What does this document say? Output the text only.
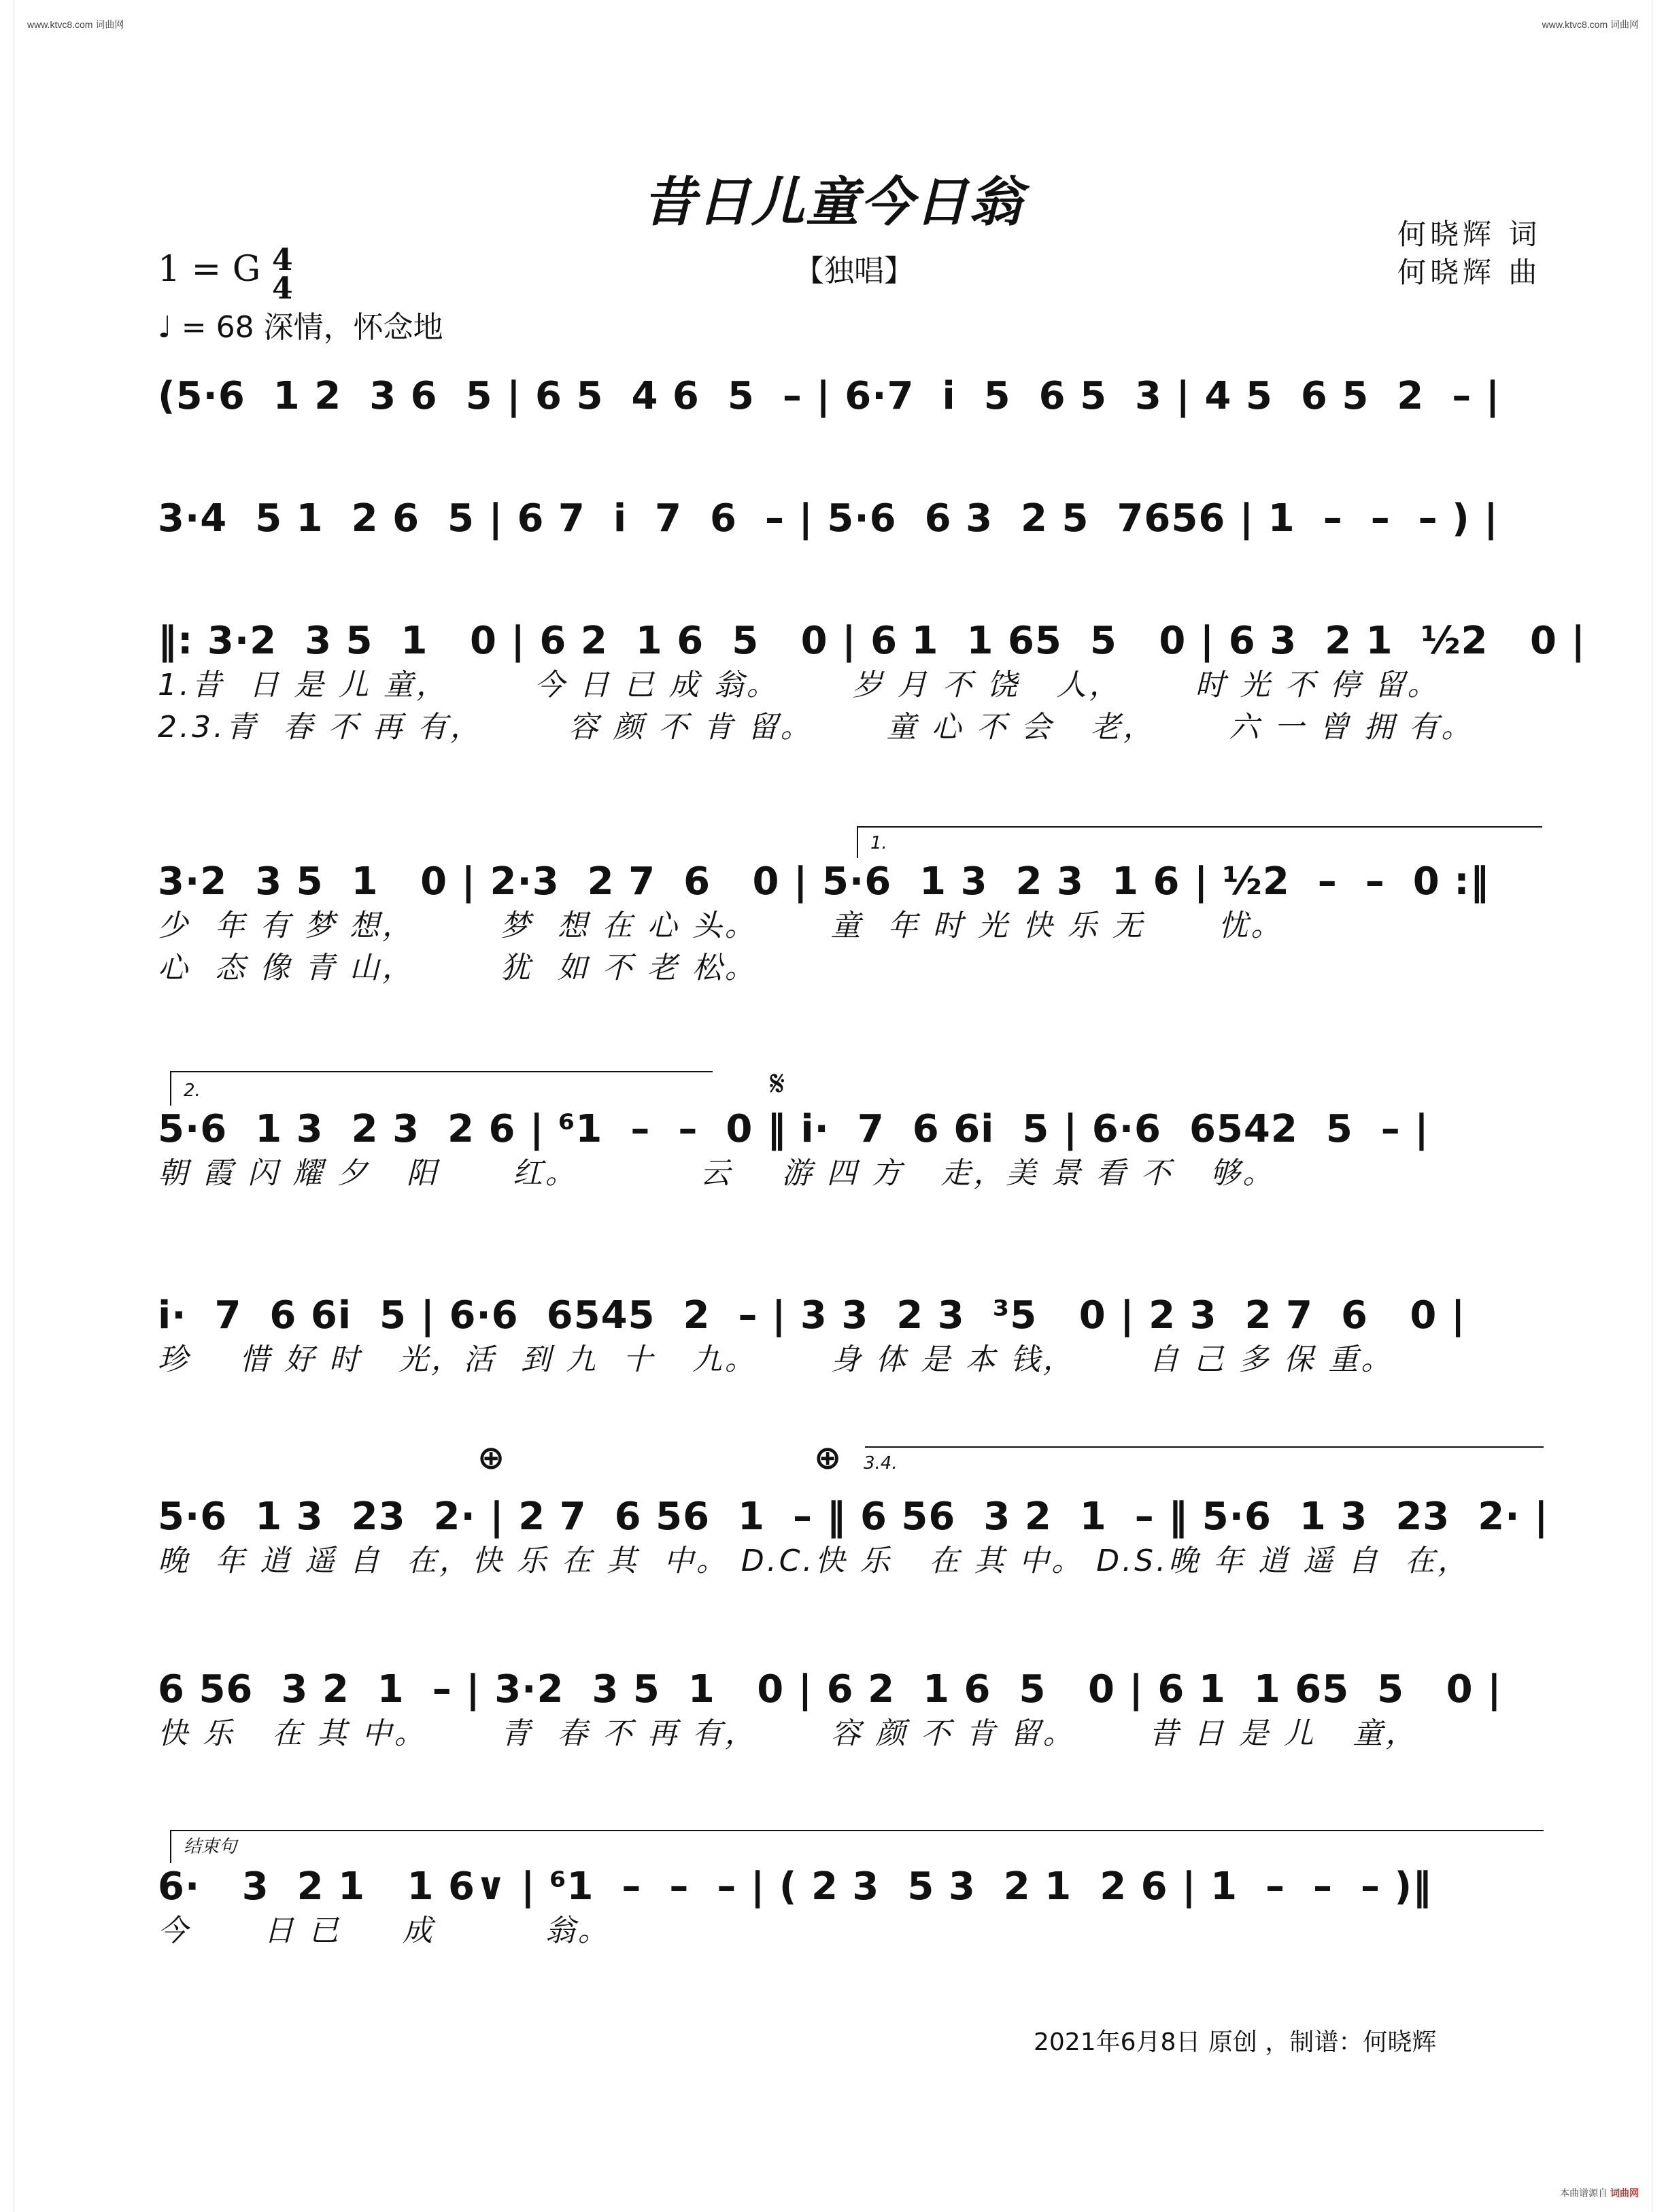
www.ktvc8.com 词曲网	www.ktvc8.com 词曲网
本曲谱源自 词曲网
昔日儿童今日翁
【独唱】
何晓辉 词
何晓辉 曲
1 = G 4
4
♩ = 68 深情，怀念地
(5·6  1 2  3 6  5 | 6 5  4 6  5  – | 6·7  i  5  6 5  3 | 4 5  6 5  2  – |
3·4  5 1  2 6  5 | 6 7  i  7  6  – | 5·6  6 3  2 5  7656 | 1  –  –  – ) |
‖: 3·2  3 5  1   0 | 6 2  1 6  5   0 | 6 1  1 65  5   0 | 6 3  2 1  ½2   0 |
1.昔  日 是 儿 童，       今 日 已 成 翁。      岁 月 不 饶   人，      时 光 不 停 留。
2.3.青  春 不 再 有，       容 颜 不 肯 留。      童 心 不 会   老，      六 一 曾 拥 有。
1.
3·2  3 5  1   0 | 2·3  2 7  6   0 | 5·6  1 3  2 3  1 6 | ½2  –  –  0 :‖
少  年 有 梦 想，       梦  想 在 心 头。      童  年 时 光 快 乐 无      忧。
心  态 像 青 山，       犹  如 不 老 松。
2.	𝄋
5·6  1 3  2 3  2 6 | ⁶1  –  –  0 ‖ i·  7  6 6i  5 | 6·6  6542  5  – |
朝 霞 闪 耀 夕   阳      红。          云    游 四 方   走，美 景 看 不   够。
i·  7  6 6i  5 | 6·6  6545  2  – | 3 3  2 3  ³5   0 | 2 3  2 7  6   0 |
珍    惜 好 时   光，活  到 九  十   九。      身 体 是 本 钱，      自 己 多 保 重。
⊕	⊕ 3.4.
5·6  1 3  23  2· | 2 7  6 56  1  – ‖ 6 56  3 2  1  – ‖ 5·6  1 3  23  2· |
晚  年 逍 遥 自  在，快 乐 在 其  中。 D.C.快 乐   在 其 中。 D.S.晚 年 逍 遥 自  在，
6 56  3 2  1  – | 3·2  3 5  1   0 | 6 2  1 6  5   0 | 6 1  1 65  5   0 |
快 乐   在 其 中。      青  春 不 再 有，      容 颜 不 肯 留。      昔 日 是 儿   童，
结束句
6·   3  2 1   1 6∨ | ⁶1  –  –  – | ( 2 3  5 3  2 1  2 6 | 1  –  –  – )‖
今      日 已     成         翁。
2021年6月8日 原创 ，制谱：何晓辉
